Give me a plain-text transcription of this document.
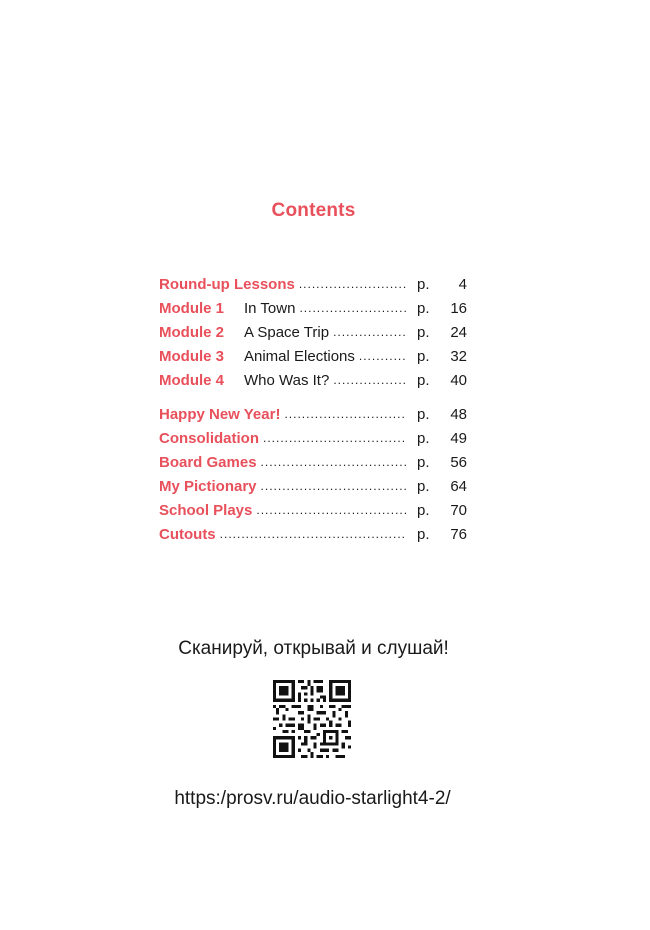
Contents
Round-up Lessons .....	p.	4
Module 1	In Town .....	p.	16
Module 2	A Space Trip .....	p.	24
Module 3	Animal Elections .....	p.	32
Module 4	Who Was It? .....	p.	40
Happy New Year! .....	p.	48
Consolidation .....	p.	49
Board Games .....	p.	56
My Pictionary .....	p.	64
School Plays .....	p.	70
Cutouts .....	p.	76
Сканируй, открывай и слушай!
https:/prosv.ru/audio-starlight4-2/
